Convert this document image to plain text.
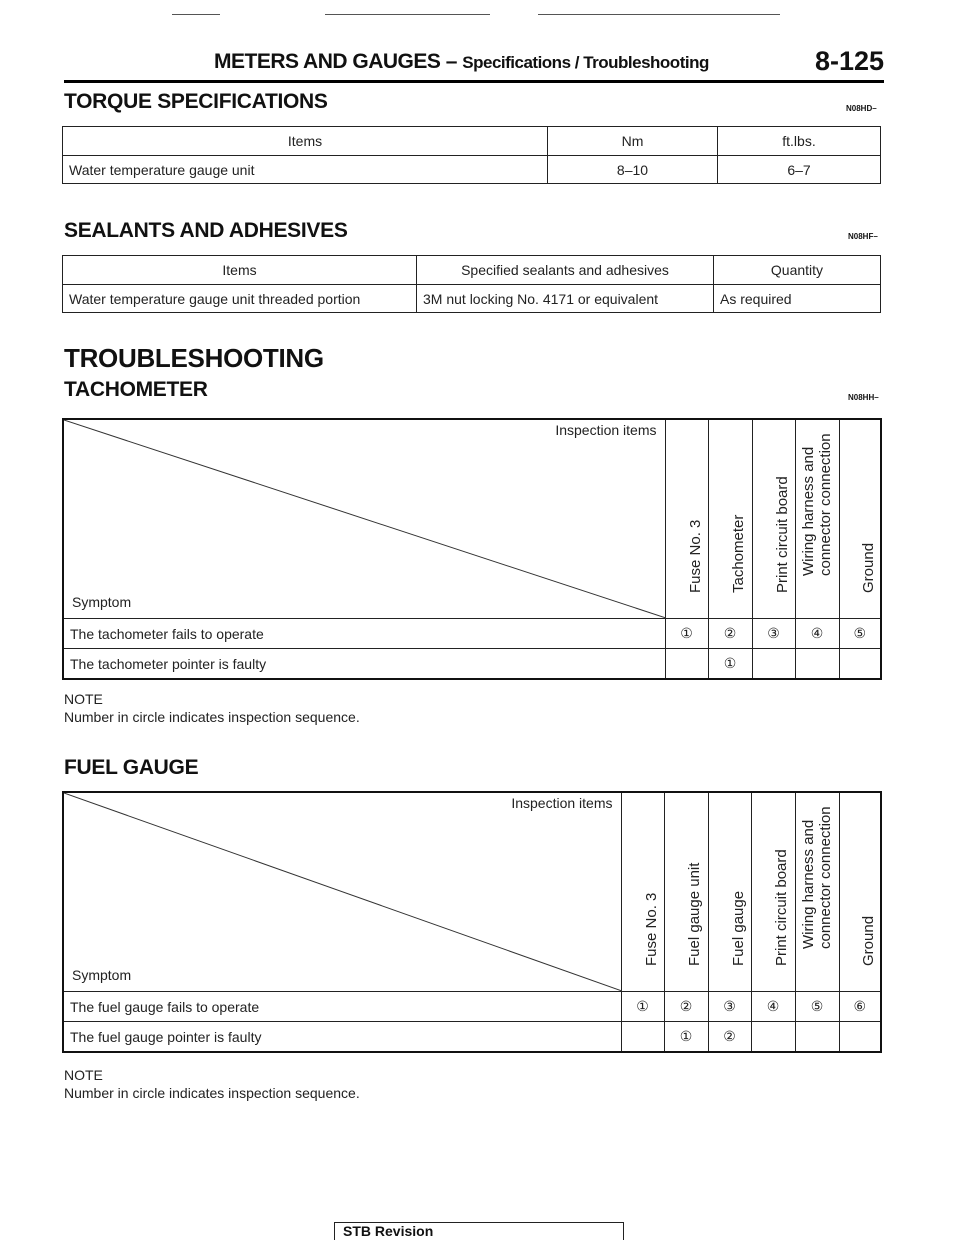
METERS AND GAUGES – Specifications / Troubleshooting	8-125
TORQUE SPECIFICATIONS	N08HD–
Items	Nm	ft.lbs.
Water temperature gauge unit	8–10	6–7
SEALANTS AND ADHESIVES	N08HF–
Items	Specified sealants and adhesives	Quantity
Water temperature gauge unit threaded portion	3M nut locking No. 4171 or equivalent	As required
TROUBLESHOOTING
TACHOMETER	N08HH–
Inspection items
Symptom	Fuse No. 3	Tachometer	Print circuit board	Wiring harness and
connector connection	Ground

The tachometer fails to operate	①	②	③	④	⑤
The tachometer pointer is faulty		①			
NOTE
Number in circle indicates inspection sequence.
FUEL GAUGE
Inspection items
Symptom	Fuse No. 3	Fuel gauge unit	Fuel gauge	Print circuit board	Wiring harness and
connector connection	Ground

The fuel gauge fails to operate	①	②	③	④	⑤	⑥
The fuel gauge pointer is faulty		①	②			
NOTE
Number in circle indicates inspection sequence.
STB Revision
